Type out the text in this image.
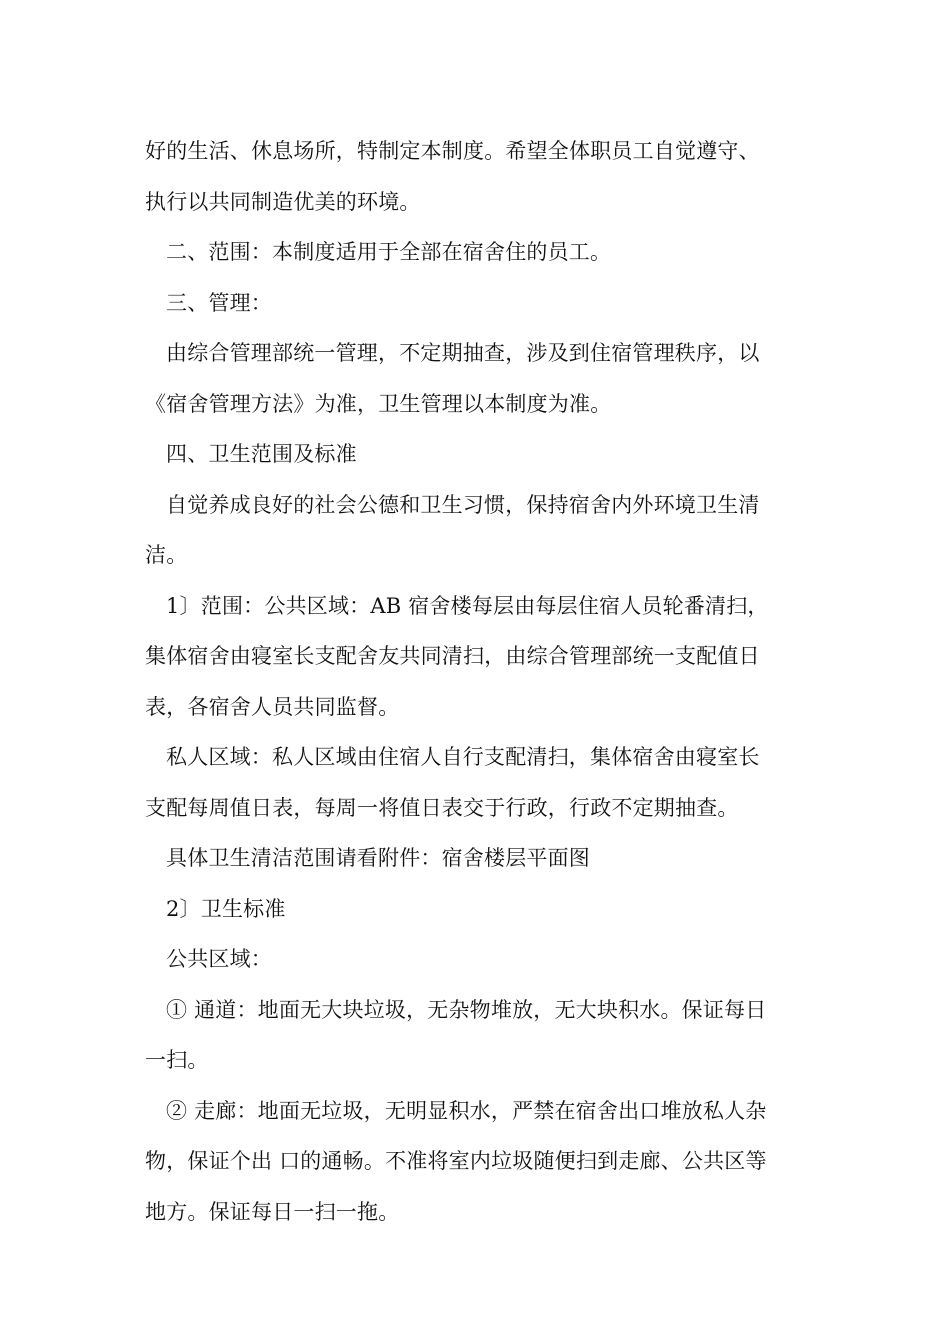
好的生活、休息场所，特制定本制度。希望全体职员工自觉遵守、
执行以共同制造优美的环境。
二、范围：本制度适用于全部在宿舍住的员工。
三、管理：
由综合管理部统一管理，不定期抽查，涉及到住宿管理秩序，以
《宿舍管理方法》为准，卫生管理以本制度为准。
四、卫生范围及标准
自觉养成良好的社会公德和卫生习惯，保持宿舍内外环境卫生清
洁。
1〕范围：公共区域：AB 宿舍楼每层由每层住宿人员轮番清扫，
集体宿舍由寝室长支配舍友共同清扫，由综合管理部统一支配值日
表，各宿舍人员共同监督。
私人区域：私人区域由住宿人自行支配清扫，集体宿舍由寝室长
支配每周值日表，每周一将值日表交于行政，行政不定期抽查。
具体卫生清洁范围请看附件：宿舍楼层平面图
2〕卫生标准
公共区域：
① 通道：地面无大块垃圾，无杂物堆放，无大块积水。保证每日
一扫。
② 走廊：地面无垃圾，无明显积水，严禁在宿舍出口堆放私人杂
物，保证个出 口的通畅。不准将室内垃圾随便扫到走廊、公共区等
地方。保证每日一扫一拖。
